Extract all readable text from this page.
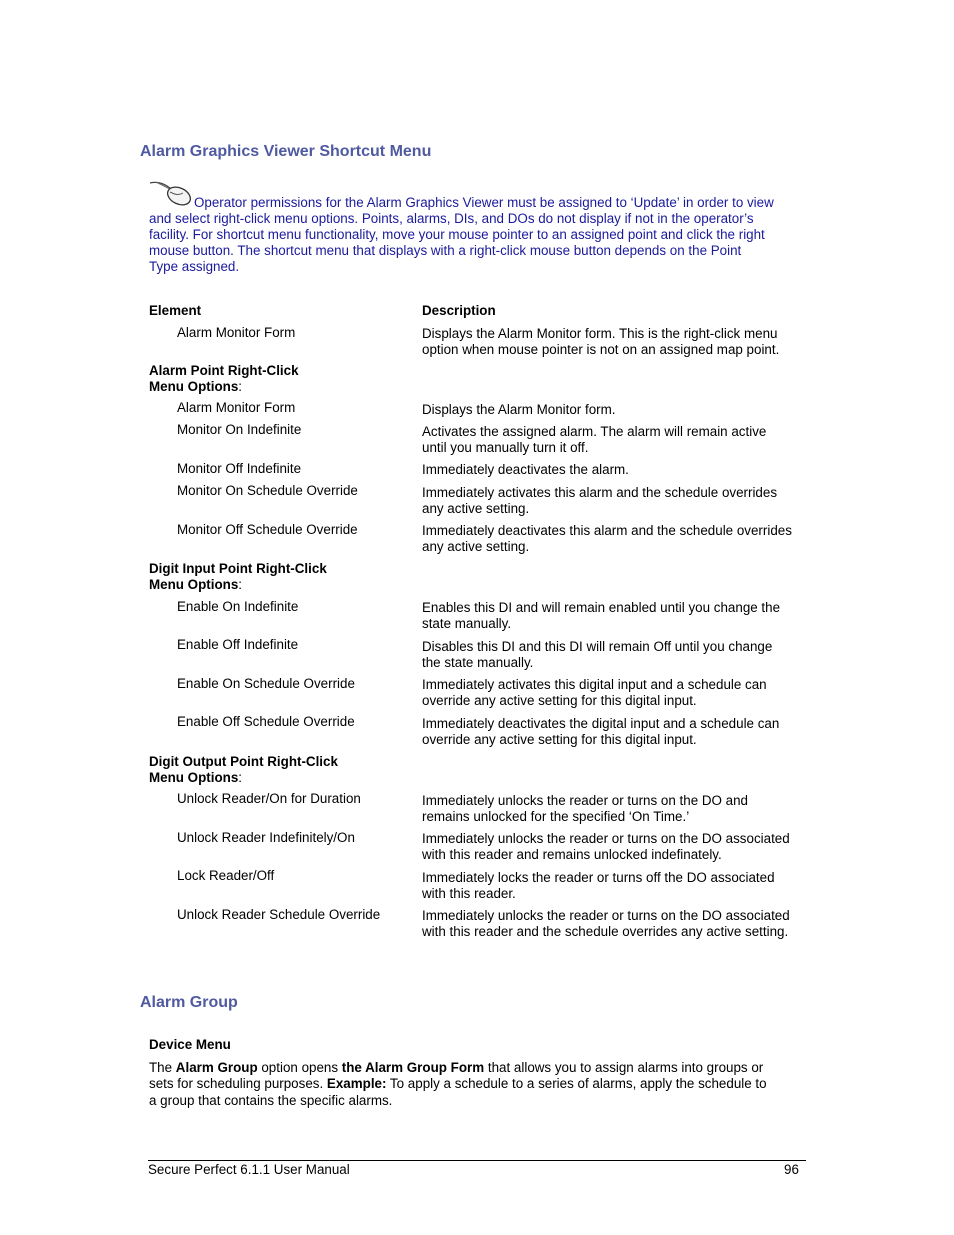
Alarm Graphics Viewer Shortcut Menu
Operator permissions for the Alarm Graphics Viewer must be assigned to ‘Update’ in order to view
and select right-click menu options. Points, alarms, DIs, and DOs do not display if not in the operator’s
facility. For shortcut menu functionality, move your mouse pointer to an assigned point and click the right
mouse button. The shortcut menu that displays with a right-click mouse button depends on the Point
Type assigned.
Element	Description
Alarm Monitor Form	Displays the Alarm Monitor form. This is the right-click menu
option when mouse pointer is not on an assigned map point.
Alarm Point Right-Click
Menu Options:
Alarm Monitor Form	Displays the Alarm Monitor form.
Monitor On Indefinite	Activates the assigned alarm. The alarm will remain active
until you manually turn it off.
Monitor Off Indefinite	Immediately deactivates the alarm.
Monitor On Schedule Override	Immediately activates this alarm and the schedule overrides
any active setting.
Monitor Off Schedule Override	Immediately deactivates this alarm and the schedule overrides
any active setting.
Digit Input Point Right-Click
Menu Options:
Enable On Indefinite	Enables this DI and will remain enabled until you change the
state manually.
Enable Off Indefinite	Disables this DI and this DI will remain Off until you change
the state manually.
Enable On Schedule Override	Immediately activates this digital input and a schedule can
override any active setting for this digital input.
Enable Off Schedule Override	Immediately deactivates the digital input and a schedule can
override any active setting for this digital input.
Digit Output Point Right-Click
Menu Options:
Unlock Reader/On for Duration	Immediately unlocks the reader or turns on the DO and
remains unlocked for the specified ‘On Time.’
Unlock Reader Indefinitely/On	Immediately unlocks the reader or turns on the DO associated
with this reader and remains unlocked indefinately.
Lock Reader/Off	Immediately locks the reader or turns off the DO associated
with this reader.
Unlock Reader Schedule Override	Immediately unlocks the reader or turns on the DO associated
with this reader and the schedule overrides any active setting.
Alarm Group
Device Menu
The Alarm Group option opens the Alarm Group Form that allows you to assign alarms into groups or
sets for scheduling purposes. Example: To apply a schedule to a series of alarms, apply the schedule to
a group that contains the specific alarms.
Secure Perfect 6.1.1 User Manual	96
